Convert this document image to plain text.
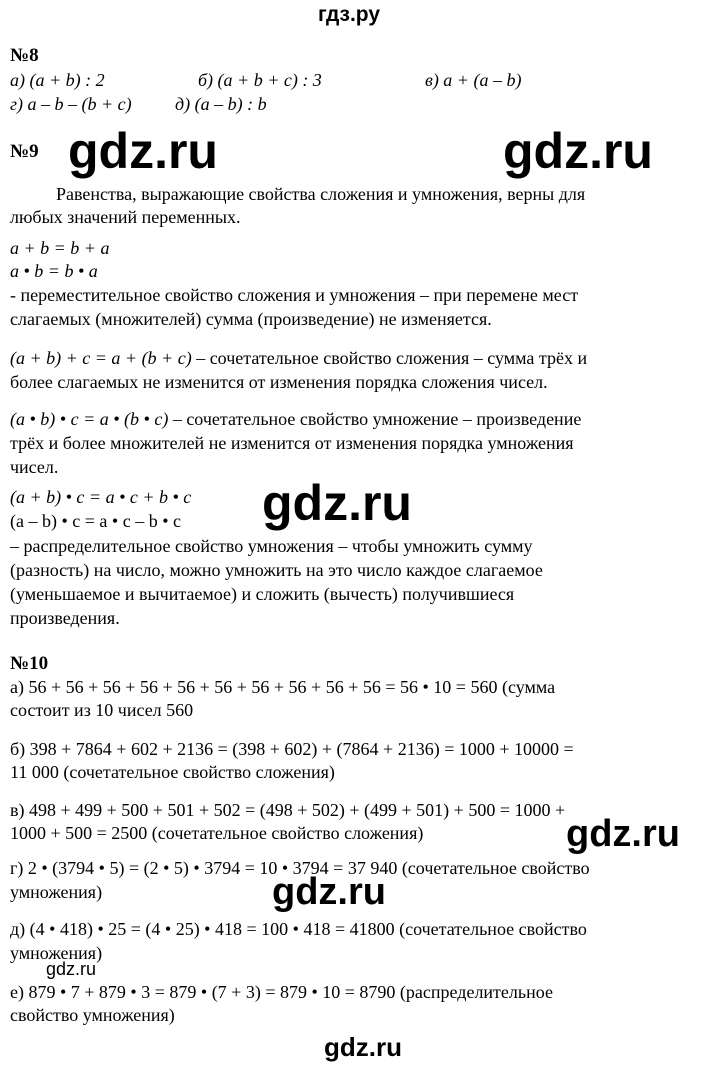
гдз.ру
№8
а) (a + b) : 2	б) (a + b + c) : 3	в) a + (a – b)
г) a – b – (b + c) д) (a – b) : b
№9 gdz.ru	gdz.ru
Равенства, выражающие свойства сложения и умножения, верны для
любых значений переменных.
a + b = b + a
a • b = b • a
- переместительное свойство сложения и умножения – при перемене мест
слагаемых (множителей) сумма (произведение) не изменяется.
(a + b) + c = a + (b + c) – сочетательное свойство сложения – сумма трёх и
более слагаемых не изменится от изменения порядка сложения чисел.
(a • b) • c = a • (b • c) – сочетательное свойство умножение – произведение
трёх и более множителей не изменится от изменения порядка умножения
чисел.
(a + b) • c = a • c + b • c
(a – b) • c = a • c – b • c gdz.ru
– распределительное свойство умножения – чтобы умножить сумму
(разность) на число, можно умножить на это число каждое слагаемое
(уменьшаемое и вычитаемое) и сложить (вычесть) получившиеся
произведения.
№10
а) 56 + 56 + 56 + 56 + 56 + 56 + 56 + 56 + 56 + 56 = 56 • 10 = 560 (сумма
состоит из 10 чисел 560
б) 398 + 7864 + 602 + 2136 = (398 + 602) + (7864 + 2136) = 1000 + 10000 =
11 000 (сочетательное свойство сложения)
в) 498 + 499 + 500 + 501 + 502 = (498 + 502) + (499 + 501) + 500 = 1000 +
1000 + 500 = 2500 (сочетательное свойство сложения)	gdz.ru
г) 2 • (3794 • 5) = (2 • 5) • 3794 = 10 • 3794 = 37 940 (сочетательное свойство
умножения)	gdz.ru
д) (4 • 418) • 25 = (4 • 25) • 418 = 100 • 418 = 41800 (сочетательное свойство
умножения)
gdz.ru
е) 879 • 7 + 879 • 3 = 879 • (7 + 3) = 879 • 10 = 8790 (распределительное
свойство умножения)
gdz.ru
